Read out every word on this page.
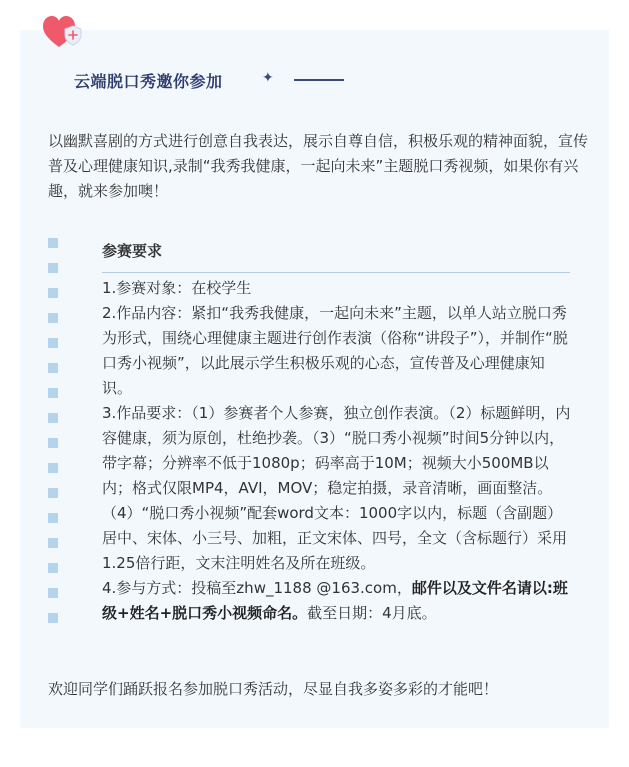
云端脱口秀邀你参加	✦
以幽默喜剧的方式进行创意自我表达，展示自尊自信，积极乐观的精神面貌，宣传普及心理健康知识,录制“我秀我健康，一起向未来”主题脱口秀视频，如果你有兴趣，就来参加噢！
参赛要求

1.参赛对象：在校学生

2.作品内容：紧扣“我秀我健康，一起向未来”主题，以单人站立脱口秀为形式，围绕心理健康主题进行创作表演（俗称“讲段子”），并制作“脱口秀小视频”，以此展示学生积极乐观的心态，宣传普及心理健康知识。

3.作品要求：（1）参赛者个人参赛，独立创作表演。（2）标题鲜明，内容健康，须为原创，杜绝抄袭。（3）“脱口秀小视频”时间5分钟以内，带字幕；分辨率不低于1080p；码率高于10M；视频大小500MB以内；格式仅限MP4，AVI，MOV；稳定拍摄，录音清晰，画面整洁。（4）“脱口秀小视频”配套word文本：1000字以内，标题（含副题）居中、宋体、小三号、加粗，正文宋体、四号，全文（含标题行）采用1.25倍行距，文末注明姓名及所在班级。

4.参与方式：投稿至zhw_1188 @163.com，邮件以及文件名请以:班级+姓名+脱口秀小视频命名。截至日期：4月底。

欢迎同学们踊跃报名参加脱口秀活动，尽显自我多姿多彩的才能吧！
